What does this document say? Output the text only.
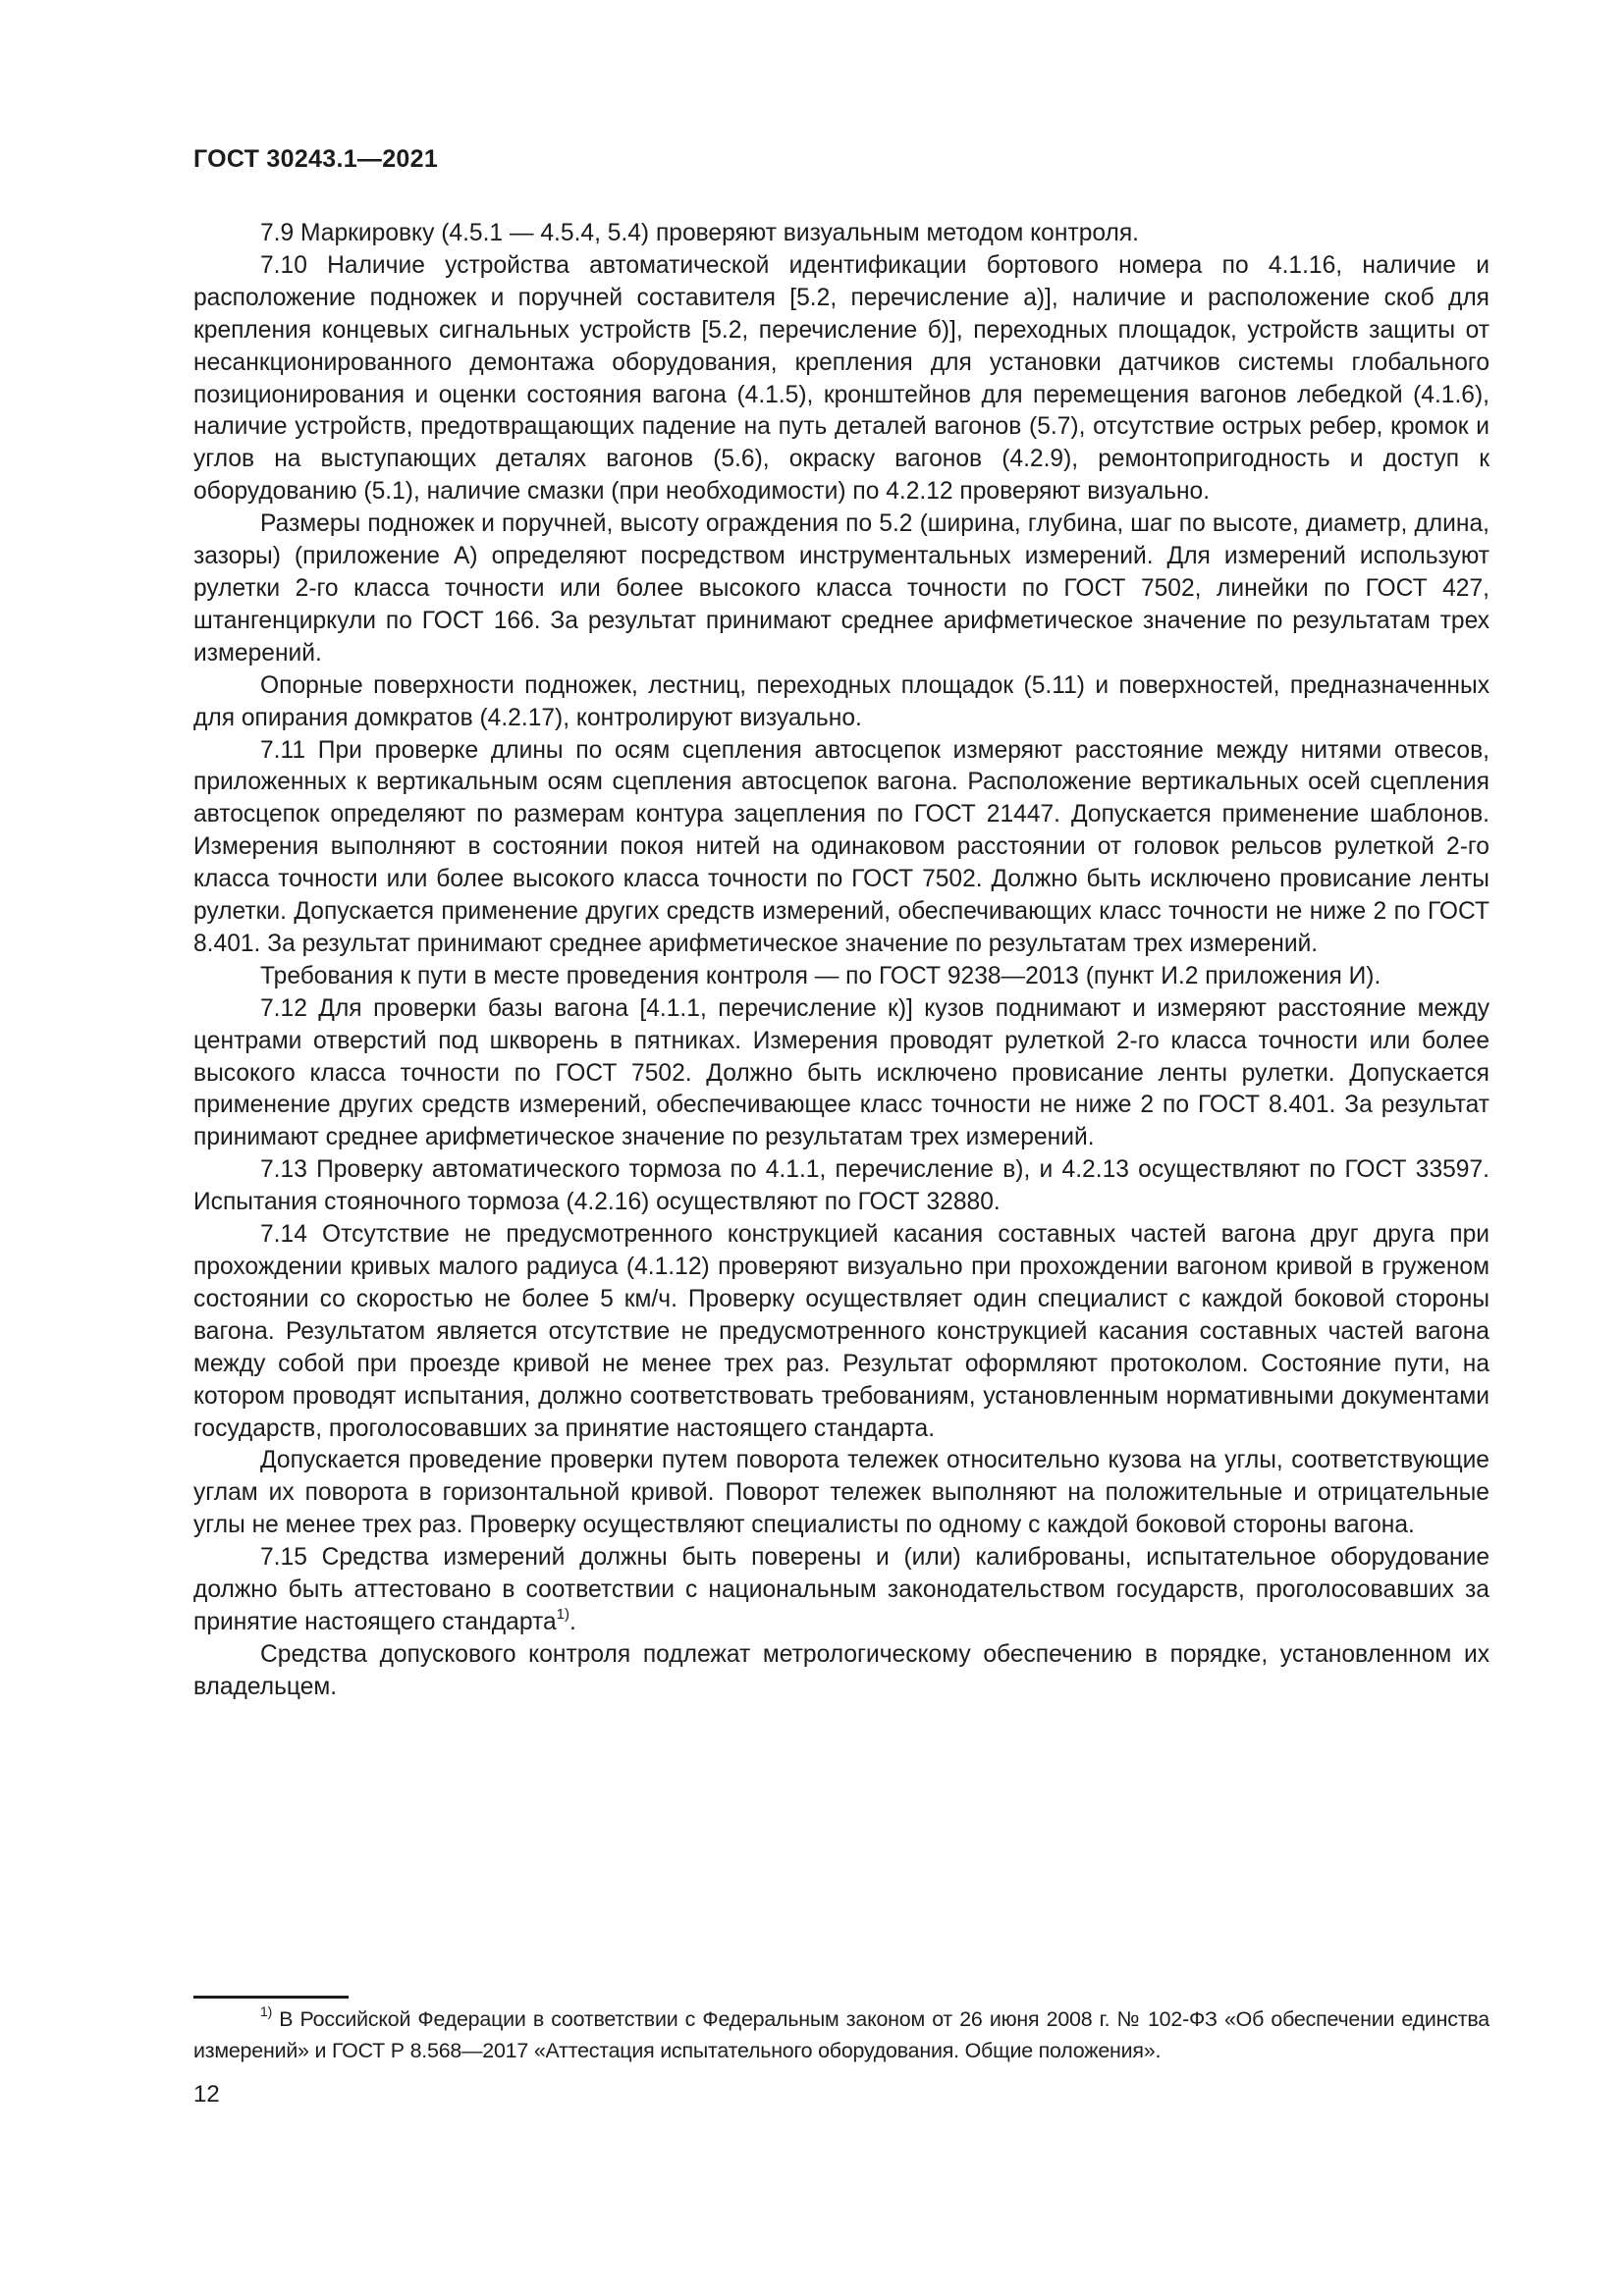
ГОСТ 30243.1—2021

7.9 Маркировку (4.5.1 — 4.5.4, 5.4) проверяют визуальным методом контроля.

7.10 Наличие устройства автоматической идентификации бортового номера по 4.1.16, наличие и расположение подножек и поручней составителя [5.2, перечисление а)], наличие и расположение скоб для крепления концевых сигнальных устройств [5.2, перечисление б)], переходных площадок, устройств защиты от несанкционированного демонтажа оборудования, крепления для установки датчиков системы глобального позиционирования и оценки состояния вагона (4.1.5), кронштейнов для перемещения вагонов лебедкой (4.1.6), наличие устройств, предотвращающих падение на путь деталей вагонов (5.7), отсутствие острых ребер, кромок и углов на выступающих деталях вагонов (5.6), окраску вагонов (4.2.9), ремонтопригодность и доступ к оборудованию (5.1), наличие смазки (при необходимости) по 4.2.12 проверяют визуально.

Размеры подножек и поручней, высоту ограждения по 5.2 (ширина, глубина, шаг по высоте, диаметр, длина, зазоры) (приложение А) определяют посредством инструментальных измерений. Для измерений используют рулетки 2-го класса точности или более высокого класса точности по ГОСТ 7502, линейки по ГОСТ 427, штангенциркули по ГОСТ 166. За результат принимают среднее арифметическое значение по результатам трех измерений.

Опорные поверхности подножек, лестниц, переходных площадок (5.11) и поверхностей, предназначенных для опирания домкратов (4.2.17), контролируют визуально.

7.11 При проверке длины по осям сцепления автосцепок измеряют расстояние между нитями отвесов, приложенных к вертикальным осям сцепления автосцепок вагона. Расположение вертикальных осей сцепления автосцепок определяют по размерам контура зацепления по ГОСТ 21447. Допускается применение шаблонов. Измерения выполняют в состоянии покоя нитей на одинаковом расстоянии от головок рельсов рулеткой 2-го класса точности или более высокого класса точности по ГОСТ 7502. Должно быть исключено провисание ленты рулетки. Допускается применение других средств измерений, обеспечивающих класс точности не ниже 2 по ГОСТ 8.401. За результат принимают среднее арифметическое значение по результатам трех измерений.

Требования к пути в месте проведения контроля — по ГОСТ 9238—2013 (пункт И.2 приложения И).

7.12 Для проверки базы вагона [4.1.1, перечисление к)] кузов поднимают и измеряют расстояние между центрами отверстий под шкворень в пятниках. Измерения проводят рулеткой 2-го класса точности или более высокого класса точности по ГОСТ 7502. Должно быть исключено провисание ленты рулетки. Допускается применение других средств измерений, обеспечивающее класс точности не ниже 2 по ГОСТ 8.401. За результат принимают среднее арифметическое значение по результатам трех измерений.

7.13 Проверку автоматического тормоза по 4.1.1, перечисление в), и 4.2.13 осуществляют по ГОСТ 33597. Испытания стояночного тормоза (4.2.16) осуществляют по ГОСТ 32880.

7.14 Отсутствие не предусмотренного конструкцией касания составных частей вагона друг друга при прохождении кривых малого радиуса (4.1.12) проверяют визуально при прохождении вагоном кривой в груженом состоянии со скоростью не более 5 км/ч. Проверку осуществляет один специалист с каждой боковой стороны вагона. Результатом является отсутствие не предусмотренного конструкцией касания составных частей вагона между собой при проезде кривой не менее трех раз. Результат оформляют протоколом. Состояние пути, на котором проводят испытания, должно соответствовать требованиям, установленным нормативными документами государств, проголосовавших за принятие настоящего стандарта.

Допускается проведение проверки путем поворота тележек относительно кузова на углы, соответствующие углам их поворота в горизонтальной кривой. Поворот тележек выполняют на положительные и отрицательные углы не менее трех раз. Проверку осуществляют специалисты по одному с каждой боковой стороны вагона.

7.15 Средства измерений должны быть поверены и (или) калиброваны, испытательное оборудование должно быть аттестовано в соответствии с национальным законодательством государств, проголосовавших за принятие настоящего стандарта$^{1)}$.

Средства допускового контроля подлежат метрологическому обеспечению в порядке, установленном их владельцем.

$^{1)}$ В Российской Федерации в соответствии с Федеральным законом от 26 июня 2008 г. № 102-ФЗ «Об обеспечении единства измерений» и ГОСТ Р 8.568—2017 «Аттестация испытательного оборудования. Общие положения».

12
